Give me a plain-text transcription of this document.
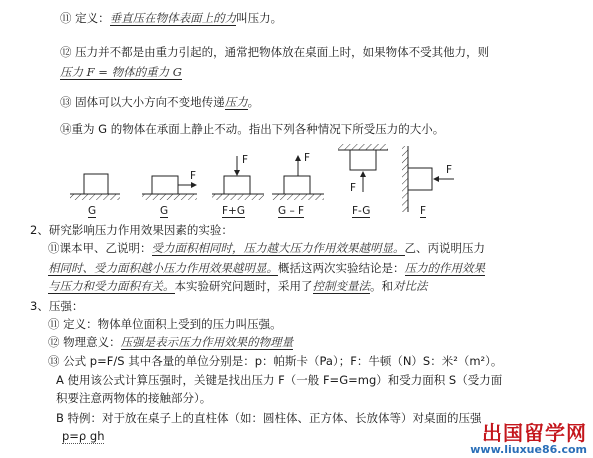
⑪ 定义：垂直压在物体表面上的力叫压力。
⑫ 压力并不都是由重力引起的，通常把物体放在桌面上时，如果物体不受其他力，则
压力 F = 物体的重力 G
⑬ 固体可以大小方向不变地传递压力。
⑭重为 G 的物体在承面上静止不动。指出下列各种情况下所受压力的大小。
F
F	F
F
F
G	G	F+G	G – F	F-G	F
2、研究影响压力作用效果因素的实验：
⑪课本甲、乙说明：受力面积相同时，压力越大压力作用效果越明显。乙、丙说明压力
相同时、受力面积越小压力作用效果越明显。概括这两次实验结论是：压力的作用效果
与压力和受力面积有关。本实验研究问题时，采用了控制变量法。和对比法
3、压强：
⑪ 定义：物体单位面积上受到的压力叫压强。
⑫ 物理意义：压强是表示压力作用效果的物理量
⑬ 公式 p=F/S 其中各量的单位分别是：p：帕斯卡（Pa）；F：牛顿（N）S：米²（m²）。
A 使用该公式计算压强时，关键是找出压力 F（一般 F=G=mg）和受力面积 S（受力面
积要注意两物体的接触部分）。
B 特例：对于放在桌子上的直柱体（如：圆柱体、正方体、长放体等）对桌面的压强
p=ρ gh	出国留学网
www.liuxue86.com
